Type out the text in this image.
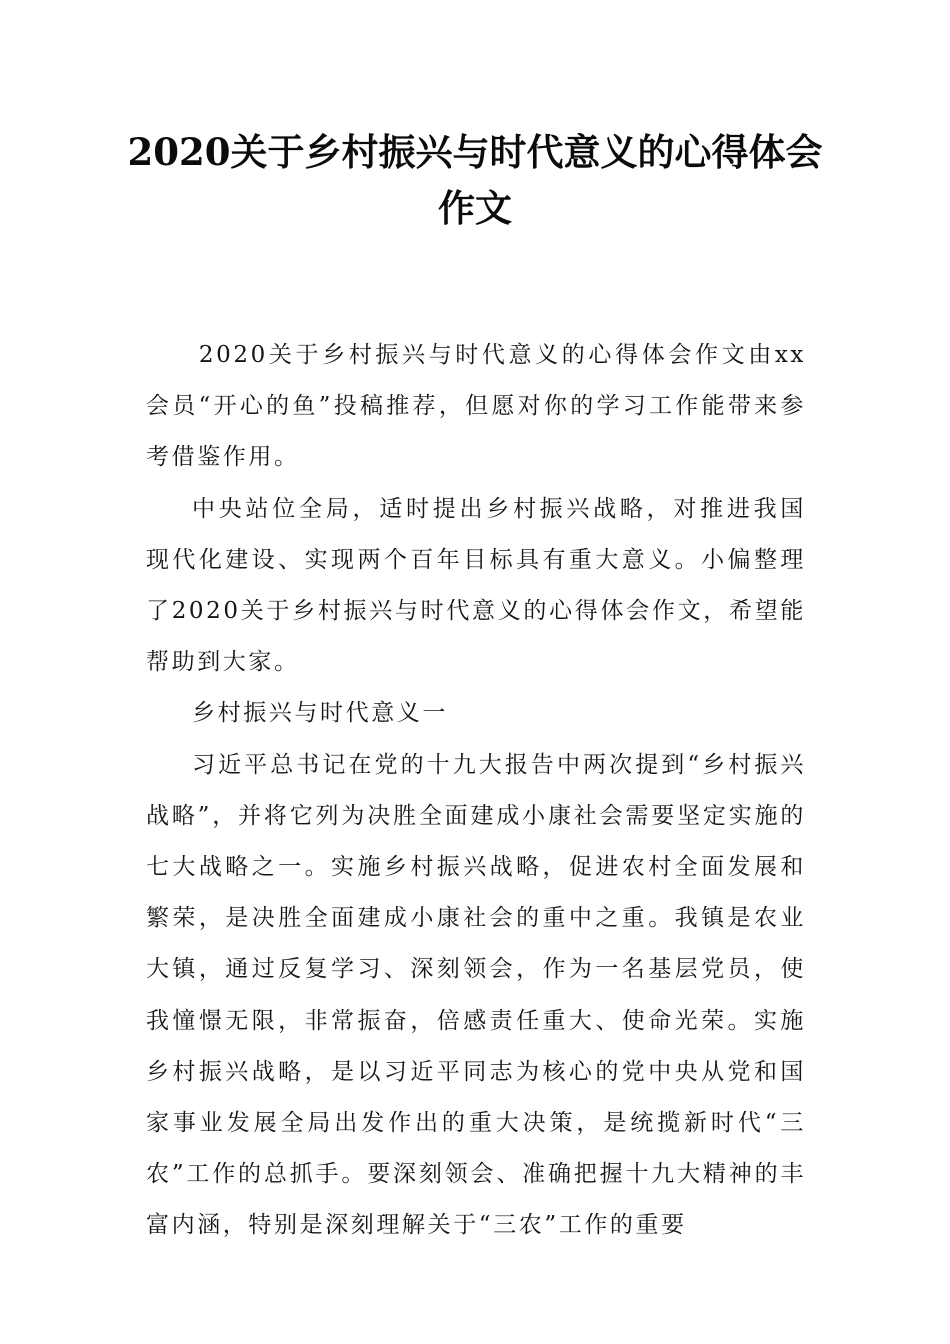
2020关于乡村振兴与时代意义的心得体会
作文

2020关于乡村振兴与时代意义的心得体会作文由xx会员“开心的鱼”投稿推荐，但愿对你的学习工作能带来参考借鉴作用。

中央站位全局，适时提出乡村振兴战略，对推进我国现代化建设、实现两个百年目标具有重大意义。小偏整理了2020关于乡村振兴与时代意义的心得体会作文，希望能帮助到大家。

乡村振兴与时代意义一

习近平总书记在党的十九大报告中两次提到“乡村振兴战略”，并将它列为决胜全面建成小康社会需要坚定实施的七大战略之一。实施乡村振兴战略，促进农村全面发展和繁荣，是决胜全面建成小康社会的重中之重。我镇是农业大镇，通过反复学习、深刻领会，作为一名基层党员，使我憧憬无限，非常振奋，倍感责任重大、使命光荣。实施乡村振兴战略，是以习近平同志为核心的党中央从党和国家事业发展全局出发作出的重大决策，是统揽新时代“三农”工作的总抓手。要深刻领会、准确把握十九大精神的丰富内涵，特别是深刻理解关于“三农”工作的重要
